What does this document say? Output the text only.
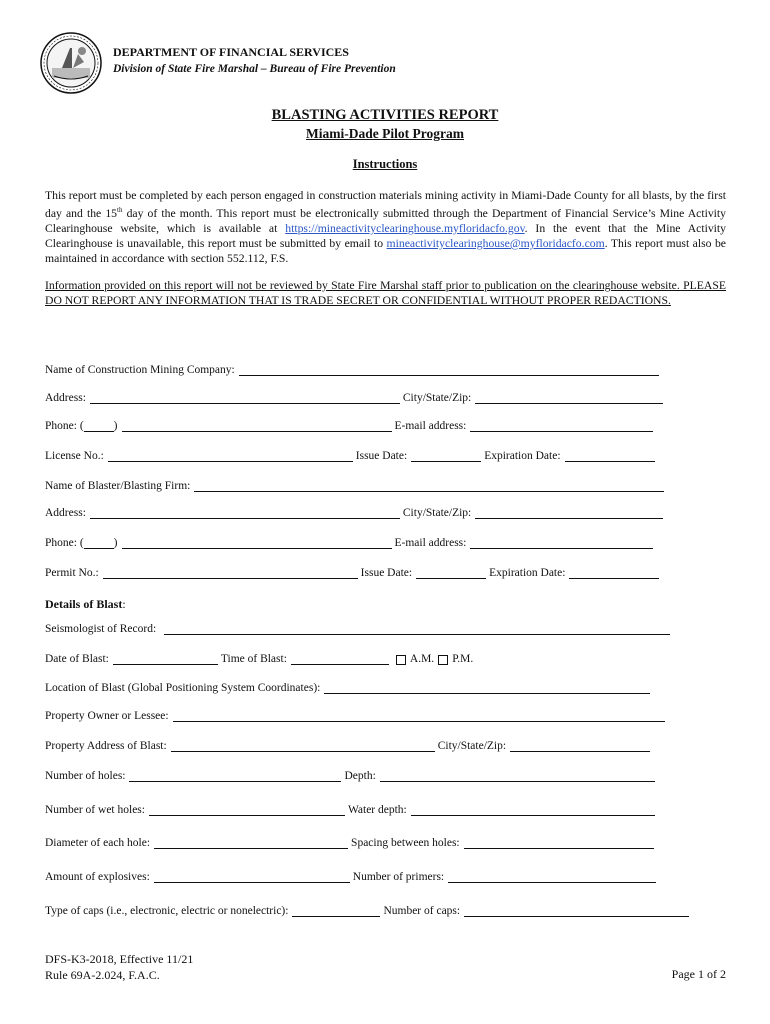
DEPARTMENT OF FINANCIAL SERVICES
Division of State Fire Marshal – Bureau of Fire Prevention
BLASTING ACTIVITIES REPORT
Miami-Dade Pilot Program
Instructions
This report must be completed by each person engaged in construction materials mining activity in Miami-Dade County for all blasts, by the first day and the 15th day of the month. This report must be electronically submitted through the Department of Financial Service’s Mine Activity Clearinghouse website, which is available at https://mineactivityclearinghouse.myfloridacfo.gov. In the event that the Mine Activity Clearinghouse is unavailable, this report must be submitted by email to mineactivityclearinghouse@myfloridacfo.com. This report must also be maintained in accordance with section 552.112, F.S.
Information provided on this report will not be reviewed by State Fire Marshal staff prior to publication on the clearinghouse website. PLEASE DO NOT REPORT ANY INFORMATION THAT IS TRADE SECRET OR CONFIDENTIAL WITHOUT PROPER REDACTIONS.
Name of Construction Mining Company:
Address:	City/State/Zip:
Phone: (	)	E-mail address:
License No.:	Issue Date:	Expiration Date:
Name of Blaster/Blasting Firm:
Address:	City/State/Zip:
Phone: (	)	E-mail address:
Permit No.:	Issue Date:	Expiration Date:
Details of Blast:
Seismologist of Record:
Date of Blast:	Time of Blast:	A.M. P.M.
Location of Blast (Global Positioning System Coordinates):
Property Owner or Lessee:
Property Address of Blast:	City/State/Zip:
Number of holes:	Depth:
Number of wet holes:	Water depth:
Diameter of each hole:	Spacing between holes:
Amount of explosives:	Number of primers:
Type of caps (i.e., electronic, electric or nonelectric):	Number of caps:
DFS-K3-2018, Effective 11/21
Rule 69A-2.024, F.A.C.	Page 1 of 2
